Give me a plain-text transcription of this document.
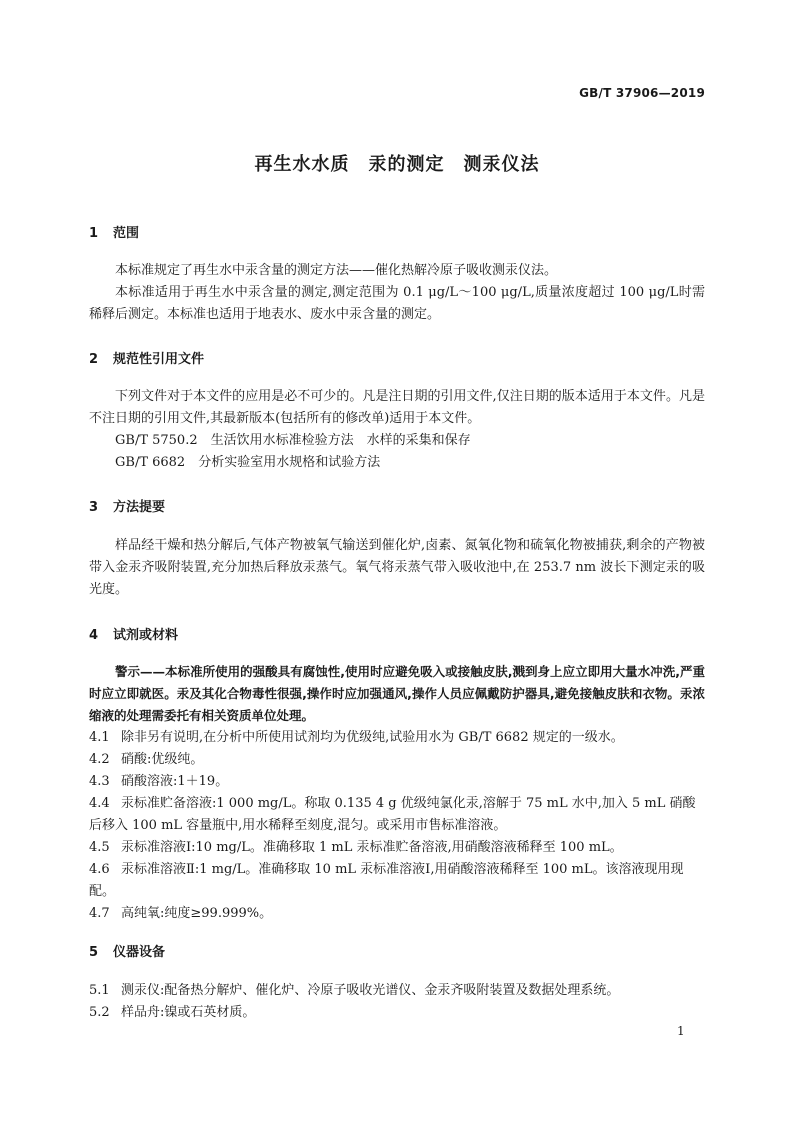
GB/T 37906—2019
再生水水质　汞的测定　测汞仪法
1 范围
本标准规定了再生水中汞含量的测定方法——催化热解冷原子吸收测汞仪法。
本标准适用于再生水中汞含量的测定,测定范围为 0.1 μg/L～100 μg/L,质量浓度超过 100 μg/L时需稀释后测定。本标准也适用于地表水、废水中汞含量的测定。
2 规范性引用文件
下列文件对于本文件的应用是必不可少的。凡是注日期的引用文件,仅注日期的版本适用于本文件。凡是不注日期的引用文件,其最新版本(包括所有的修改单)适用于本文件。
GB/T 5750.2　生活饮用水标准检验方法　水样的采集和保存
GB/T 6682　分析实验室用水规格和试验方法
3 方法提要
样品经干燥和热分解后,气体产物被氧气输送到催化炉,卤素、氮氧化物和硫氧化物被捕获,剩余的产物被带入金汞齐吸附装置,充分加热后释放汞蒸气。氧气将汞蒸气带入吸收池中,在 253.7 nm 波长下测定汞的吸光度。
4 试剂或材料
警示——本标准所使用的强酸具有腐蚀性,使用时应避免吸入或接触皮肤,溅到身上应立即用大量水冲洗,严重时应立即就医。汞及其化合物毒性很强,操作时应加强通风,操作人员应佩戴防护器具,避免接触皮肤和衣物。汞浓缩液的处理需委托有相关资质单位处理。
4.1 除非另有说明,在分析中所使用试剂均为优级纯,试验用水为 GB/T 6682 规定的一级水。
4.2 硝酸:优级纯。
4.3 硝酸溶液:1＋19。
4.4 汞标准贮备溶液:1 000 mg/L。称取 0.135 4 g 优级纯氯化汞,溶解于 75 mL 水中,加入 5 mL 硝酸后移入 100 mL 容量瓶中,用水稀释至刻度,混匀。或采用市售标准溶液。
4.5 汞标准溶液Ⅰ:10 mg/L。准确移取 1 mL 汞标准贮备溶液,用硝酸溶液稀释至 100 mL。
4.6 汞标准溶液Ⅱ:1 mg/L。准确移取 10 mL 汞标准溶液Ⅰ,用硝酸溶液稀释至 100 mL。该溶液现用现配。
4.7 高纯氧:纯度≥99.999%。
5 仪器设备
5.1 测汞仪:配备热分解炉、催化炉、冷原子吸收光谱仪、金汞齐吸附装置及数据处理系统。
5.2 样品舟:镍或石英材质。
1
